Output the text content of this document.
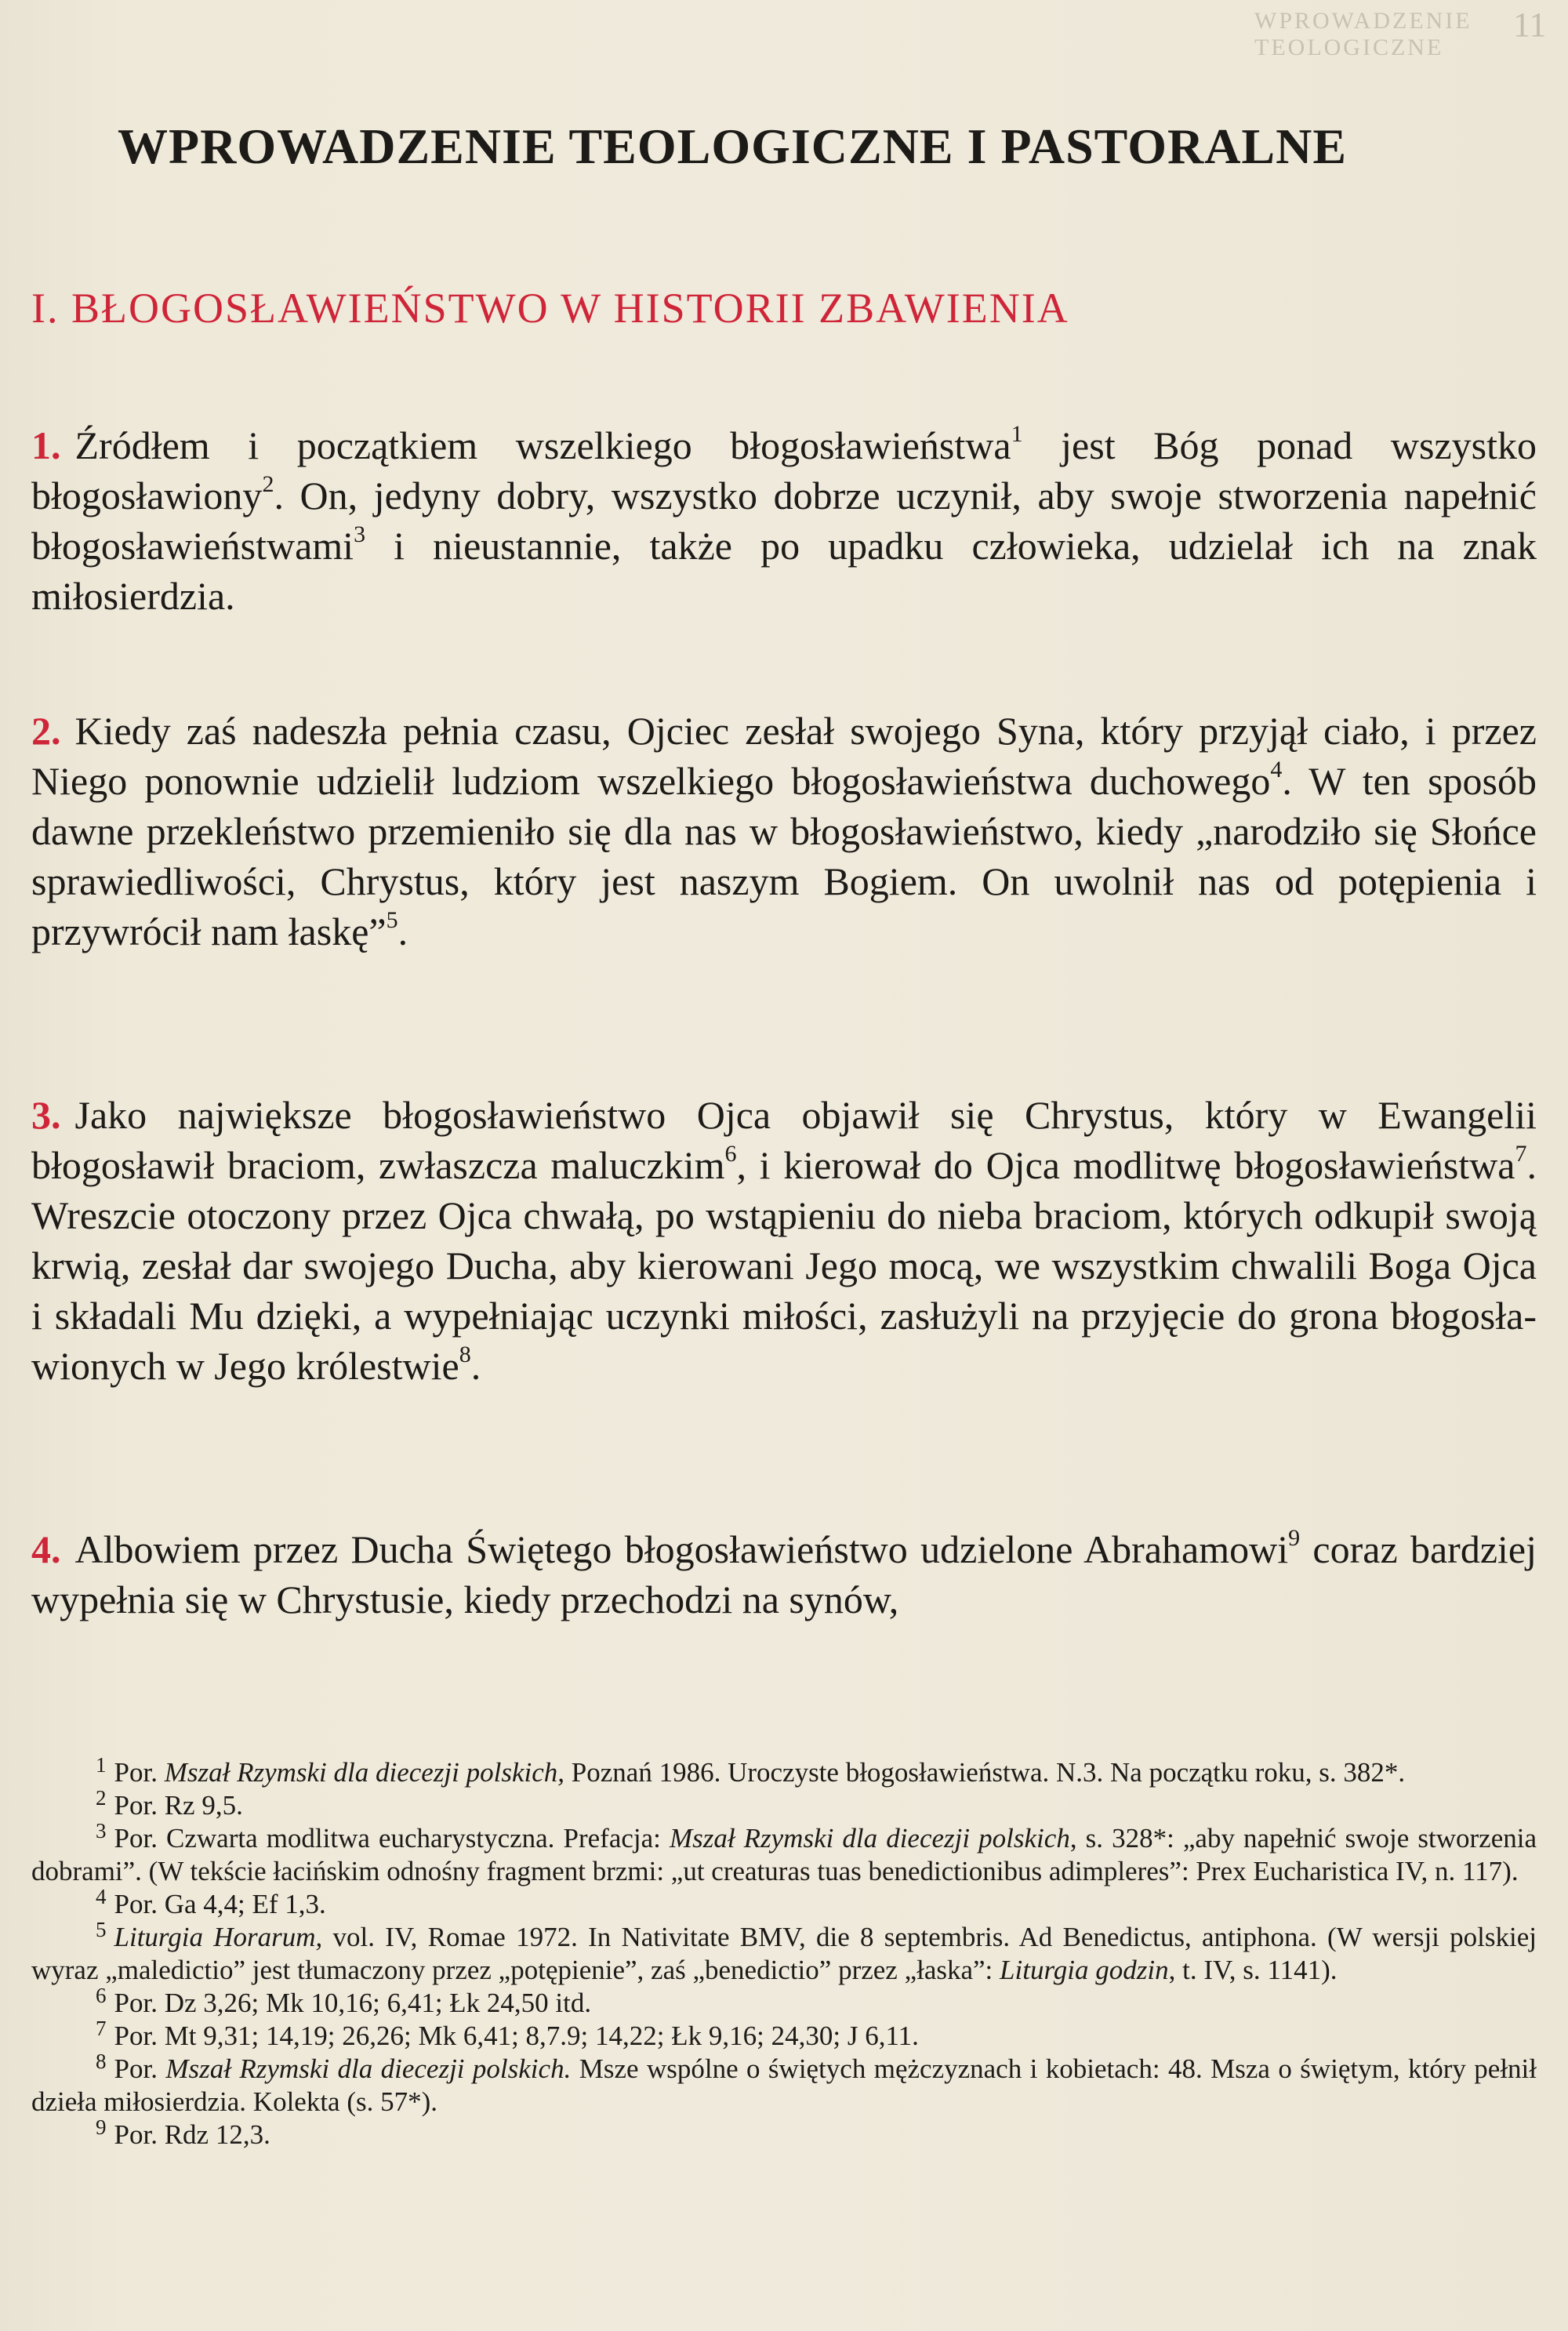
WPROWADZENIE TEOLOGICZNE
11
WPROWADZENIE TEOLOGICZNE I PASTORALNE
I. BŁOGOSŁAWIEŃSTWO W HISTORII ZBAWIENIA

1. Źródłem i początkiem wszelkiego błogosławieństwa$^1$ jest Bóg ponad wszystko błogosławiony$^2$. On, jedyny dobry, wszystko dobrze uczynił, aby swoje stworzenia napełnić błogosławieństwami$^3$ i nieustannie, także po upadku człowieka, udzielał ich na znak miłosierdzia.

2. Kiedy zaś nadeszła pełnia czasu, Ojciec zesłał swojego Syna, który przyjął ciało, i przez Niego ponownie udzielił ludziom wszelkiego błogosławieństwa duchowego$^4$. W ten sposób dawne przekleństwo przemieniło się dla nas w błogosławieństwo, kiedy „narodziło się Słońce sprawiedliwości, Chrystus, który jest naszym Bogiem. On uwolnił nas od potępienia i przywrócił nam łaskę”$^5$.

3. Jako największe błogosławieństwo Ojca objawił się Chrystus, który w Ewangelii błogosławił braciom, zwłaszcza maluczkim$^6$, i kierował do Ojca modlitwę błogosławieństwa$^7$. Wreszcie otoczony przez Ojca chwałą, po wstąpieniu do nieba braciom, których odkupił swoją krwią, zesłał dar swojego Ducha, aby kierowani Jego mocą, we wszystkim chwalili Boga Ojca i składali Mu dzięki, a wypełniając uczynki miłości, zasłużyli na przyjęcie do grona błogosławionych w Jego królestwie$^8$.

4. Albowiem przez Ducha Świętego błogosławieństwo udzielone Abrahamowi$^9$ coraz bardziej wypełnia się w Chrystusie, kiedy przechodzi na synów,

$^1$ Por. Mszał Rzymski dla diecezji polskich, Poznań 1986. Uroczyste błogosławieństwa. N.3. Na początku roku, s. 382*.
$^2$ Por. Rz 9,5.
$^3$ Por. Czwarta modlitwa eucharystyczna. Prefacja: Mszał Rzymski dla diecezji polskich, s. 328*: „aby napełnić swoje stworzenia dobrami”. (W tekście łacińskim odnośny fragment brzmi: „ut creaturas tuas benedictionibus adimpleres”: Prex Eucharistica IV, n. 117).
$^4$ Por. Ga 4,4; Ef 1,3.
$^5$ Liturgia Horarum, vol. IV, Romae 1972. In Nativitate BMV, die 8 septembris. Ad Benedictus, antiphona. (W wersji polskiej wyraz „maledictio” jest tłumaczony przez „potępienie”, zaś „benedictio” przez „łaska”: Liturgia godzin, t. IV, s. 1141).
$^6$ Por. Dz 3,26; Mk 10,16; 6,41; Łk 24,50 itd.
$^7$ Por. Mt 9,31; 14,19; 26,26; Mk 6,41; 8,7.9; 14,22; Łk 9,16; 24,30; J 6,11.
$^8$ Por. Mszał Rzymski dla diecezji polskich. Msze wspólne o świętych mężczyznach i kobietach: 48. Msza o świętym, który pełnił dzieła miłosierdzia. Kolekta (s. 57*).
$^9$ Por. Rdz 12,3.
